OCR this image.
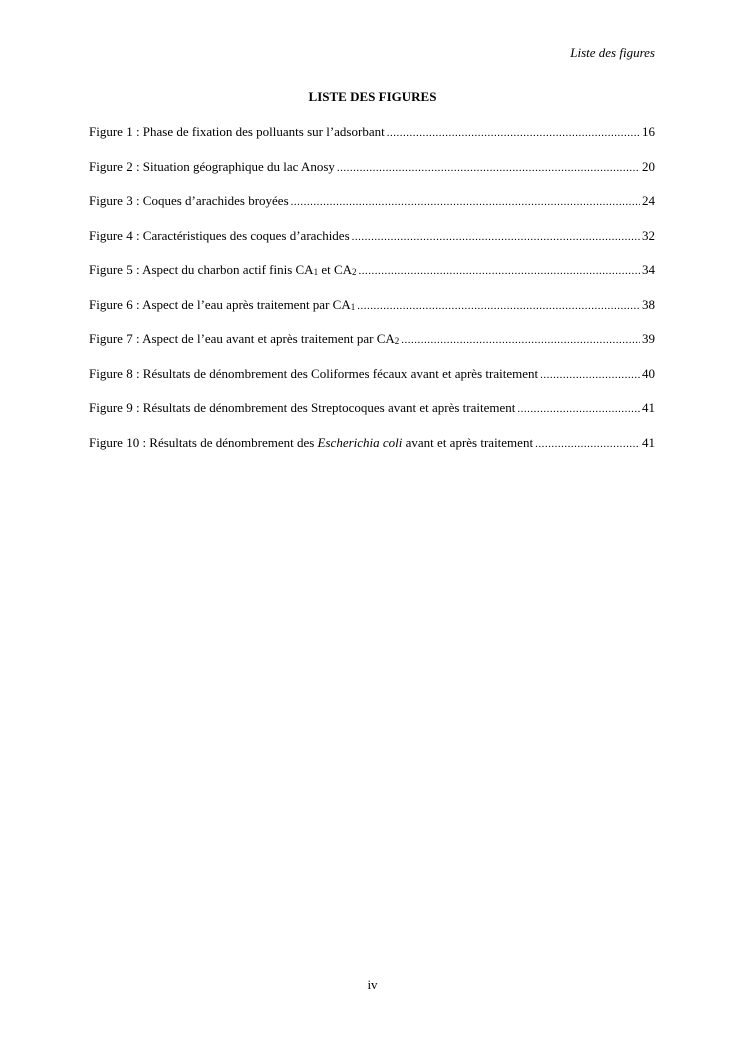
Liste des figures
LISTE DES FIGURES
Figure 1 : Phase de fixation des polluants sur l’adsorbant .....	16
Figure 2 : Situation géographique du lac Anosy .....	20
Figure 3 : Coques d’arachides broyées .....	24
Figure 4 : Caractéristiques des coques d’arachides .....	32
Figure 5 : Aspect du charbon actif finis $CA_1$ et $CA_2$ .....	34
Figure 6 : Aspect de l’eau après traitement par $CA_1$ .....	38
Figure 7 : Aspect de l’eau avant et après traitement par $CA_2$ .....	39
Figure 8 : Résultats de dénombrement des Coliformes fécaux avant et après traitement .....	40
Figure 9 : Résultats de dénombrement des Streptocoques avant et après traitement .....	41
Figure 10 : Résultats de dénombrement des Escherichia coli avant et après traitement .....	41
iv
